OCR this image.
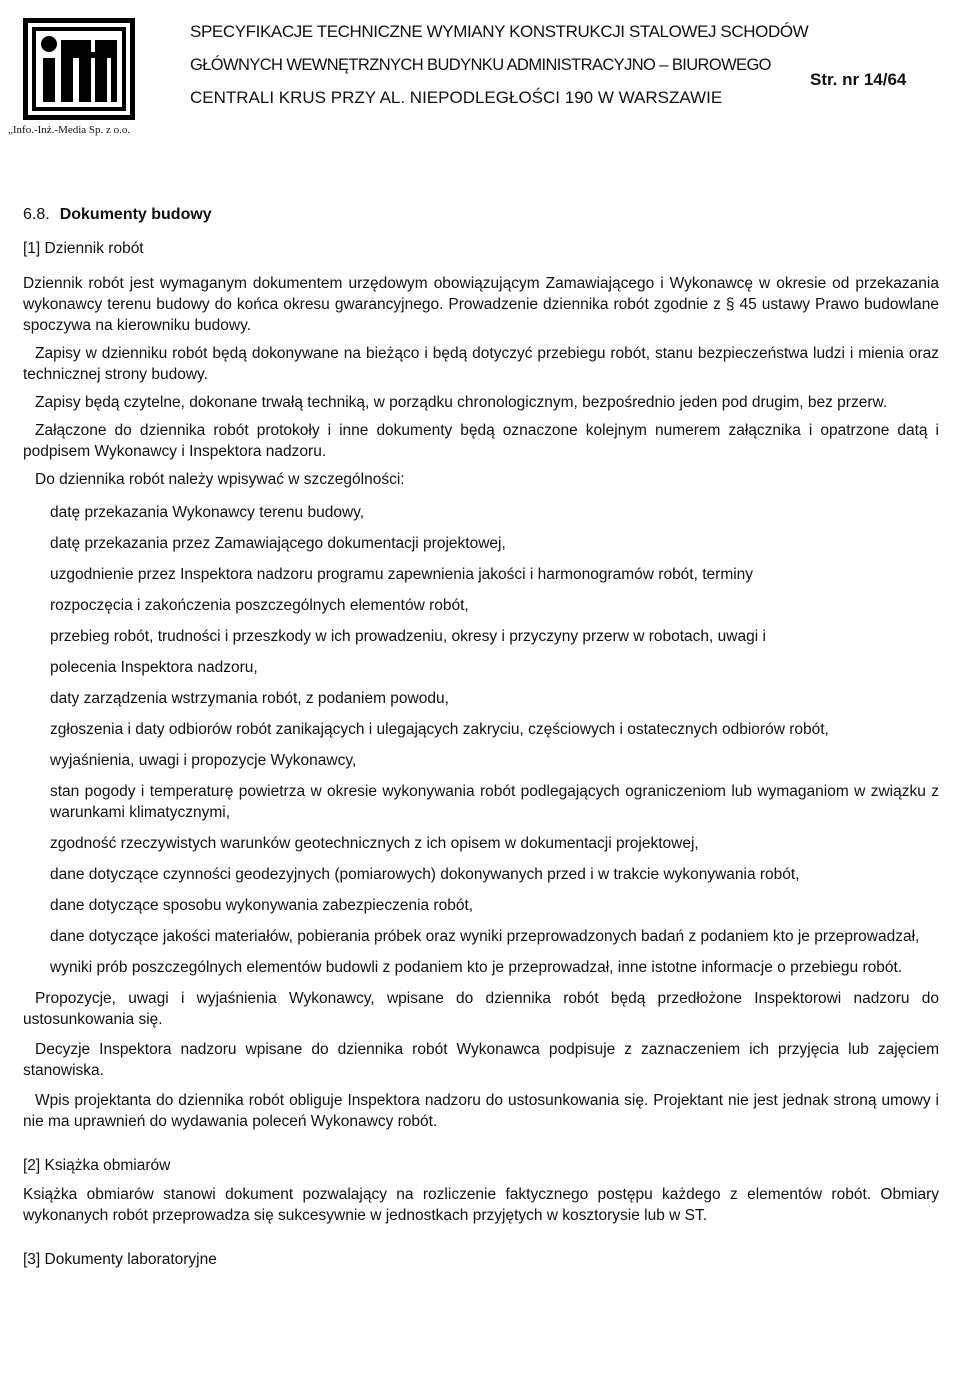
„Info.-Inż.-Media Sp. z o.o.
SPECYFIKACJE TECHNICZNE WYMIANY KONSTRUKCJI STALOWEJ SCHODÓW
GŁÓWNYCH WEWNĘTRZNYCH BUDYNKU ADMINISTRACYJNO – BIUROWEGO
CENTRALI KRUS PRZY AL. NIEPODLEGŁOŚCI 190 W WARSZAWIE
Str. nr 14/64
6.8. Dokumenty budowy
[1] Dziennik robót

Dziennik robót jest wymaganym dokumentem urzędowym obowiązującym Zamawiającego i Wykonawcę w okresie od przekazania wykonawcy terenu budowy do końca okresu gwarancyjnego. Prowadzenie dziennika robót zgodnie z § 45 ustawy Prawo budowlane spoczywa na kierowniku budowy.

Zapisy w dzienniku robót będą dokonywane na bieżąco i będą dotyczyć przebiegu robót, stanu bezpieczeństwa ludzi i mienia oraz technicznej strony budowy.

Zapisy będą czytelne, dokonane trwałą techniką, w porządku chronologicznym, bezpośrednio jeden pod drugim, bez przerw.

Załączone do dziennika robót protokoły i inne dokumenty będą oznaczone kolejnym numerem załącznika i opatrzone datą i podpisem Wykonawcy i Inspektora nadzoru.

Do dziennika robót należy wpisywać w szczególności:

datę przekazania Wykonawcy terenu budowy,
datę przekazania przez Zamawiającego dokumentacji projektowej,
uzgodnienie przez Inspektora nadzoru programu zapewnienia jakości i harmonogramów robót, terminy
rozpoczęcia i zakończenia poszczególnych elementów robót,
przebieg robót, trudności i przeszkody w ich prowadzeniu, okresy i przyczyny przerw w robotach, uwagi i
polecenia Inspektora nadzoru,
daty zarządzenia wstrzymania robót, z podaniem powodu,
zgłoszenia i daty odbiorów robót zanikających i ulegających zakryciu, częściowych i ostatecznych odbiorów robót,
wyjaśnienia, uwagi i propozycje Wykonawcy,
stan pogody i temperaturę powietrza w okresie wykonywania robót podlegających ograniczeniom lub wymaganiom w związku z warunkami klimatycznymi,
zgodność rzeczywistych warunków geotechnicznych z ich opisem w dokumentacji projektowej,
dane dotyczące czynności geodezyjnych (pomiarowych) dokonywanych przed i w trakcie wykonywania robót,
dane dotyczące sposobu wykonywania zabezpieczenia robót,
dane dotyczące jakości materiałów, pobierania próbek oraz wyniki przeprowadzonych badań z podaniem kto je przeprowadzał,
wyniki prób poszczególnych elementów budowli z podaniem kto je przeprowadzał, inne istotne informacje o przebiegu robót.

Propozycje, uwagi i wyjaśnienia Wykonawcy, wpisane do dziennika robót będą przedłożone Inspektorowi nadzoru do ustosunkowania się.

Decyzje Inspektora nadzoru wpisane do dziennika robót Wykonawca podpisuje z zaznaczeniem ich przyjęcia lub zajęciem stanowiska.

Wpis projektanta do dziennika robót obliguje Inspektora nadzoru do ustosunkowania się. Projektant nie jest jednak stroną umowy i nie ma uprawnień do wydawania poleceń Wykonawcy robót.

[2] Książka obmiarów

Książka obmiarów stanowi dokument pozwalający na rozliczenie faktycznego postępu każdego z elementów robót. Obmiary wykonanych robót przeprowadza się sukcesywnie w jednostkach przyjętych w kosztorysie lub w ST.

[3] Dokumenty laboratoryjne
